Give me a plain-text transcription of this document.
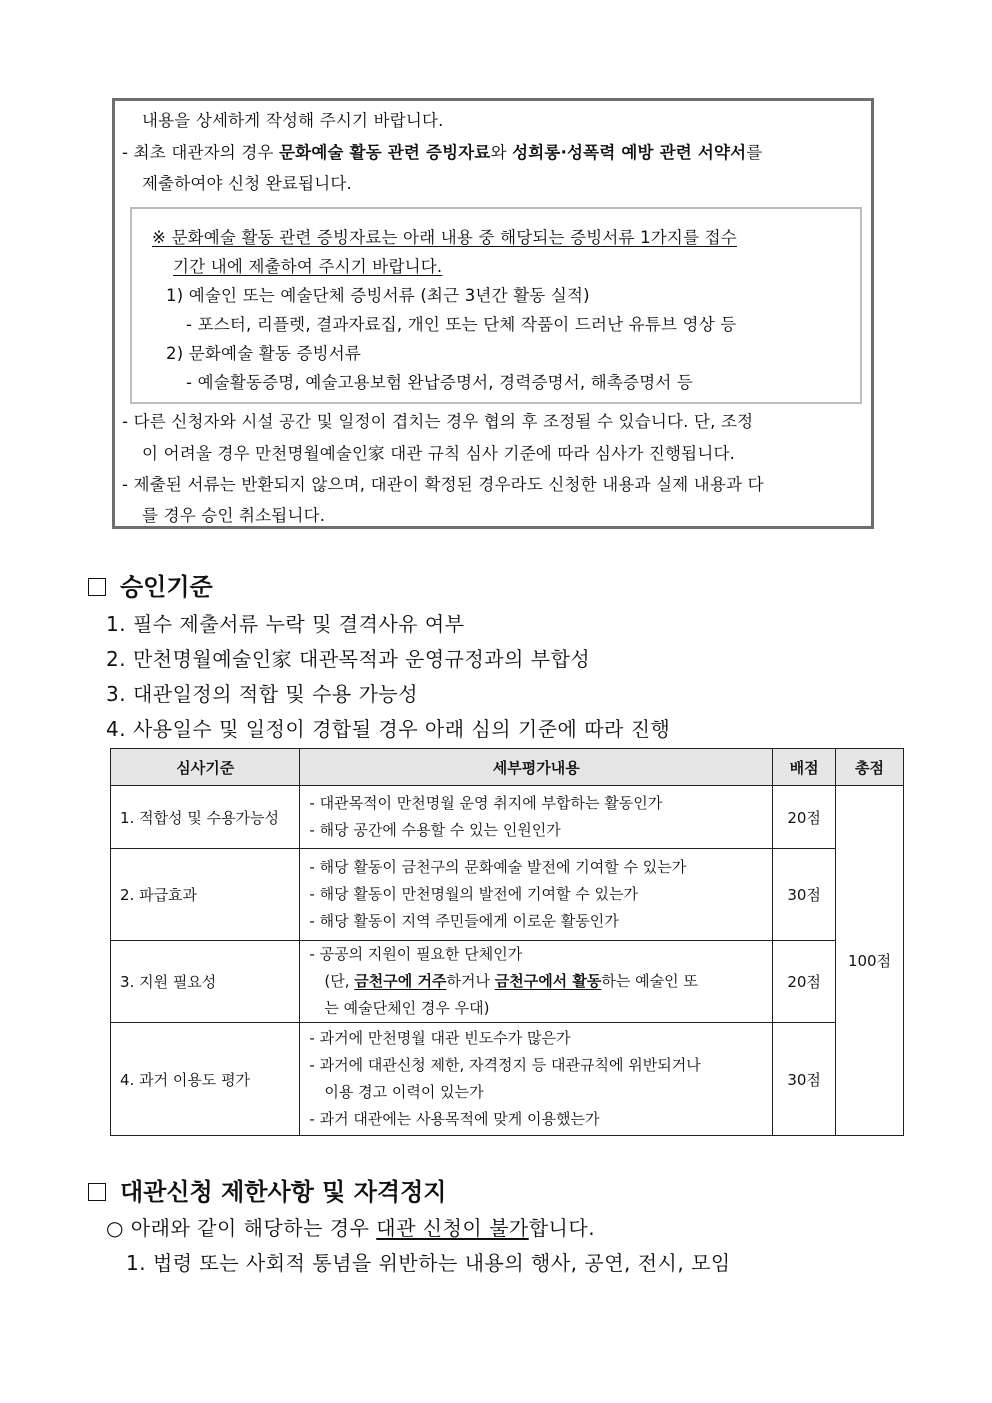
내용을 상세하게 작성해 주시기 바랍니다.
- 최초 대관자의 경우 문화예술 활동 관련 증빙자료와 성희롱·성폭력 예방 관련 서약서를
제출하여야 신청 완료됩니다.
※ 문화예술 활동 관련 증빙자료는 아래 내용 중 해당되는 증빙서류 1가지를 접수
기간 내에 제출하여 주시기 바랍니다.
1) 예술인 또는 예술단체 증빙서류 (최근 3년간 활동 실적)
- 포스터, 리플렛, 결과자료집, 개인 또는 단체 작품이 드러난 유튜브 영상 등
2) 문화예술 활동 증빙서류
- 예술활동증명, 예술고용보험 완납증명서, 경력증명서, 해촉증명서 등
- 다른 신청자와 시설 공간 및 일정이 겹치는 경우 협의 후 조정될 수 있습니다. 단, 조정
이 어려울 경우 만천명월예술인家 대관 규칙 심사 기준에 따라 심사가 진행됩니다.
- 제출된 서류는 반환되지 않으며, 대관이 확정된 경우라도 신청한 내용과 실제 내용과 다
를 경우 승인 취소됩니다.
승인기준
1. 필수 제출서류 누락 및 결격사유 여부
2. 만천명월예술인家 대관목적과 운영규정과의 부합성
3. 대관일정의 적합 및 수용 가능성
4. 사용일수 및 일정이 경합될 경우 아래 심의 기준에 따라 진행
심사기준	세부평가내용	배점	총점
1. 적합성 및 수용가능성	- 대관목적이 만천명월 운영 취지에 부합하는 활동인가
- 해당 공간에 수용할 수 있는 인원인가	20점	100점
2. 파급효과	- 해당 활동이 금천구의 문화예술 발전에 기여할 수 있는가
- 해당 활동이 만천명월의 발전에 기여할 수 있는가
- 해당 활동이 지역 주민들에게 이로운 활동인가	30점	
3. 지원 필요성	- 공공의 지원이 필요한 단체인가
(단, 금천구에 거주하거나 금천구에서 활동하는 예술인 또
는 예술단체인 경우 우대)	20점	
4. 과거 이용도 평가	- 과거에 만천명월 대관 빈도수가 많은가
- 과거에 대관신청 제한, 자격정지 등 대관규칙에 위반되거나
이용 경고 이력이 있는가
- 과거 대관에는 사용목적에 맞게 이용했는가	30점	
대관신청 제한사항 및 자격정지
○ 아래와 같이 해당하는 경우 대관 신청이 불가합니다.
1. 법령 또는 사회적 통념을 위반하는 내용의 행사, 공연, 전시, 모임
